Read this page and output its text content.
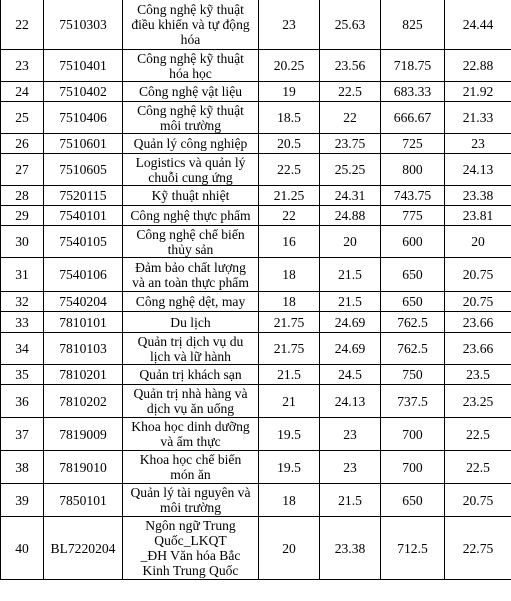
22	7510303	Công nghệ kỹ thuật
điều khiển và tự động
hóa	23	25.63	825	24.44
23	7510401	Công nghệ kỹ thuật
hóa học	20.25	23.56	718.75	22.88
24	7510402	Công nghệ vật liệu	19	22.5	683.33	21.92
25	7510406	Công nghệ kỹ thuật
môi trường	18.5	22	666.67	21.33
26	7510601	Quản lý công nghiệp	20.5	23.75	725	23
27	7510605	Logistics và quản lý
chuỗi cung ứng	22.5	25.25	800	24.13
28	7520115	Kỹ thuật nhiệt	21.25	24.31	743.75	23.38
29	7540101	Công nghệ thực phẩm	22	24.88	775	23.81
30	7540105	Công nghệ chế biến
thủy sản	16	20	600	20
31	7540106	Đảm bảo chất lượng
và an toàn thực phẩm	18	21.5	650	20.75
32	7540204	Công nghệ dệt, may	18	21.5	650	20.75
33	7810101	Du lịch	21.75	24.69	762.5	23.66
34	7810103	Quản trị dịch vụ du
lịch và lữ hành	21.75	24.69	762.5	23.66
35	7810201	Quản trị khách sạn	21.5	24.5	750	23.5
36	7810202	Quản trị nhà hàng và
dịch vụ ăn uống	21	24.13	737.5	23.25
37	7819009	Khoa học dinh dưỡng
và ẩm thực	19.5	23	700	22.5
38	7819010	Khoa học chế biến
món ăn	19.5	23	700	22.5
39	7850101	Quản lý tài nguyên và
môi trường	18	21.5	650	20.75
40	BL7220204	Ngôn ngữ Trung
Quốc_LKQT
_ĐH Văn hóa Bắc
Kinh Trung Quốc	20	23.38	712.5	22.75
